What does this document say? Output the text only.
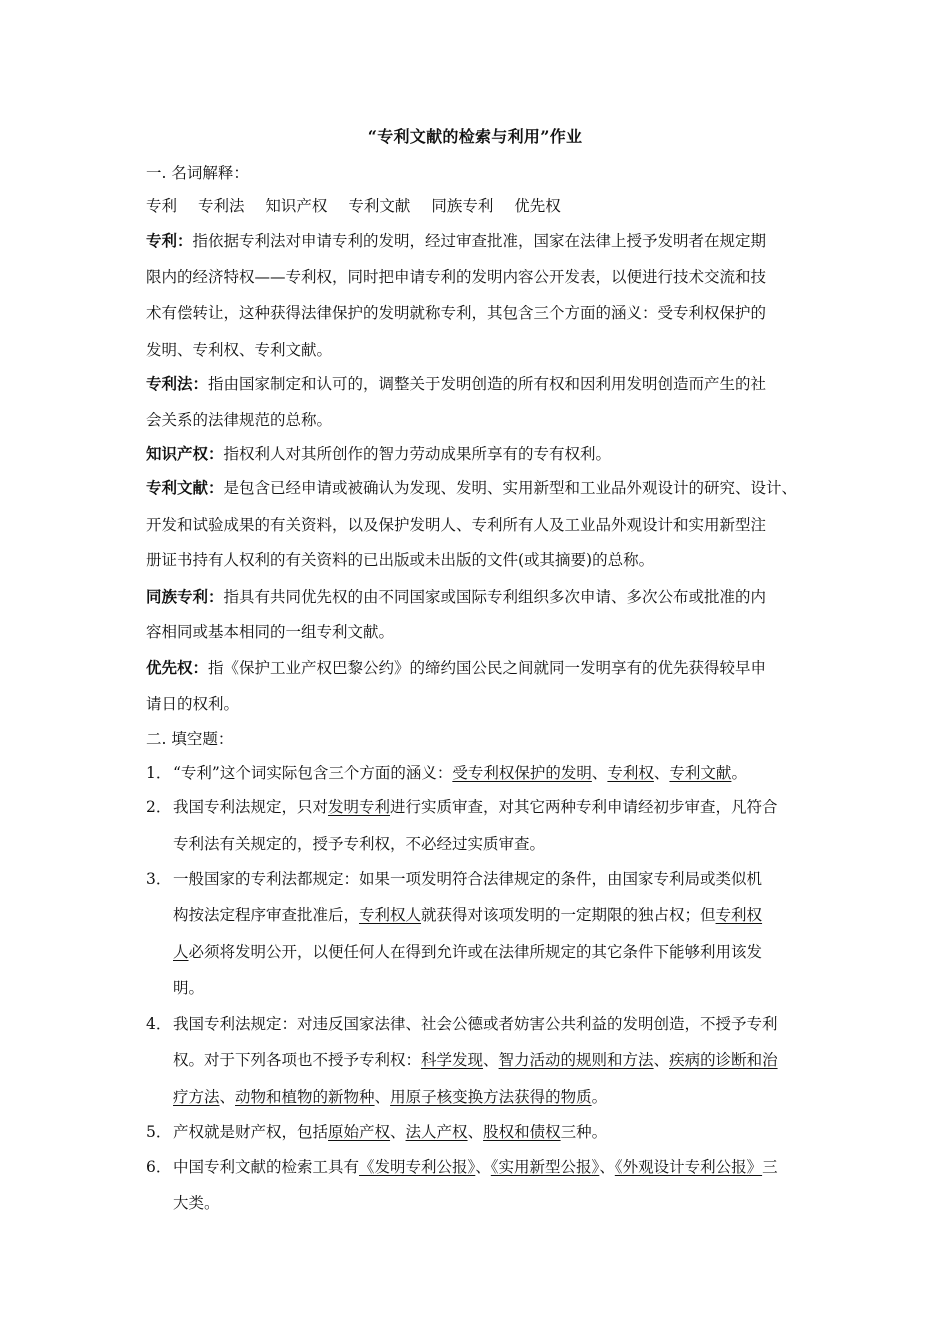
“专利文献的检索与利用”作业
一. 名词解释：
专利 专利法 知识产权 专利文献 同族专利 优先权
专利：指依据专利法对申请专利的发明，经过审查批准，国家在法律上授予发明者在规定期
限内的经济特权——专利权，同时把申请专利的发明内容公开发表，以便进行技术交流和技
术有偿转让，这种获得法律保护的发明就称专利，其包含三个方面的涵义：受专利权保护的
发明、专利权、专利文献。
专利法：指由国家制定和认可的，调整关于发明创造的所有权和因利用发明创造而产生的社
会关系的法律规范的总称。
知识产权：指权利人对其所创作的智力劳动成果所享有的专有权利。
专利文献：是包含已经申请或被确认为发现、发明、实用新型和工业品外观设计的研究、设计、
开发和试验成果的有关资料，以及保护发明人、专利所有人及工业品外观设计和实用新型注
册证书持有人权利的有关资料的已出版或未出版的文件(或其摘要)的总称。
同族专利：指具有共同优先权的由不同国家或国际专利组织多次申请、多次公布或批准的内
容相同或基本相同的一组专利文献。
优先权：指《保护工业产权巴黎公约》的缔约国公民之间就同一发明享有的优先获得较早申
请日的权利。
二. 填空题：
1． “专利”这个词实际包含三个方面的涵义：受专利权保护的发明、专利权、专利文献。
2． 我国专利法规定，只对发明专利进行实质审查，对其它两种专利申请经初步审查，凡符合
专利法有关规定的，授予专利权，不必经过实质审查。
3． 一般国家的专利法都规定：如果一项发明符合法律规定的条件，由国家专利局或类似机
构按法定程序审查批准后，专利权人就获得对该项发明的一定期限的独占权；但专利权
人必须将发明公开，以便任何人在得到允许或在法律所规定的其它条件下能够利用该发
明。
4． 我国专利法规定：对违反国家法律、社会公德或者妨害公共利益的发明创造，不授予专利
权。对于下列各项也不授予专利权：科学发现、智力活动的规则和方法、疾病的诊断和治
疗方法、动物和植物的新物种、用原子核变换方法获得的物质。
5． 产权就是财产权，包括原始产权、法人产权、股权和债权三种。
6． 中国专利文献的检索工具有《发明专利公报》、《实用新型公报》、《外观设计专利公报》三
大类。
